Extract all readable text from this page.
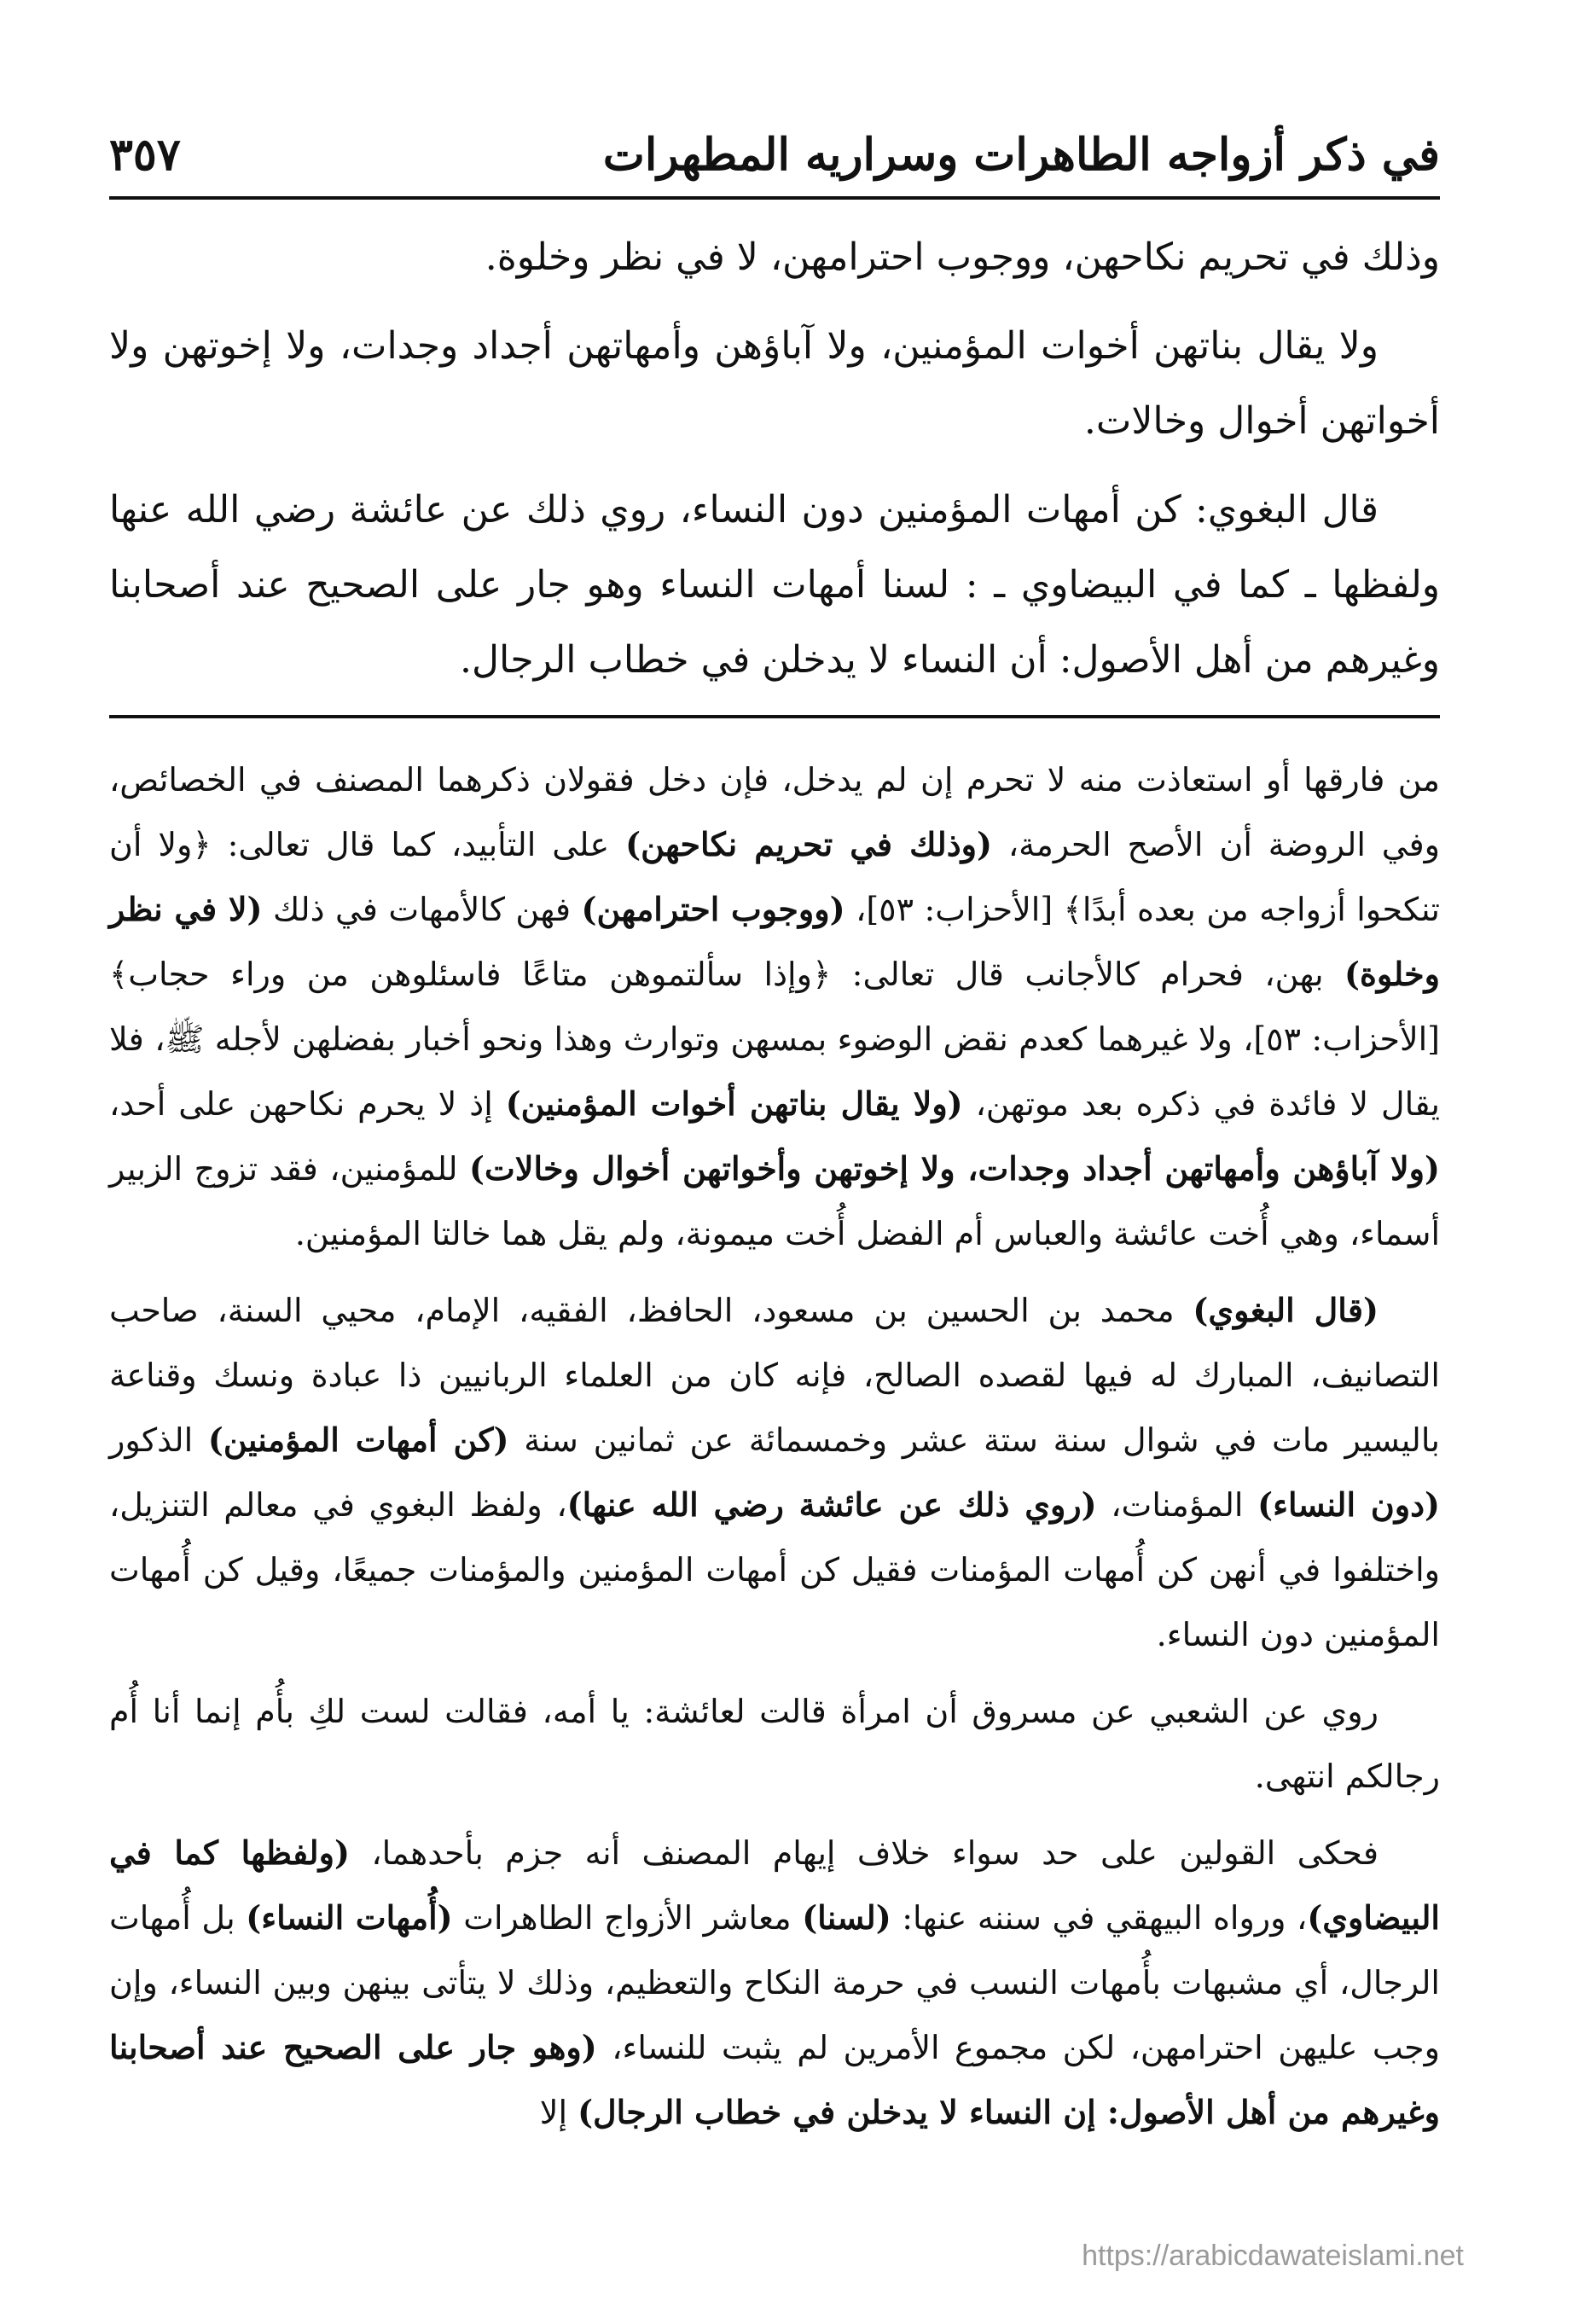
في ذكر أزواجه الطاهرات وسراريه المطهرات
٣٥٧

وذلك في تحريم نكاحهن، ووجوب احترامهن، لا في نظر وخلوة.

ولا يقال بناتهن أخوات المؤمنين، ولا آباؤهن وأمهاتهن أجداد وجدات، ولا إخوتهن ولا أخواتهن أخوال وخالات.

قال البغوي: كن أمهات المؤمنين دون النساء، روي ذلك عن عائشة رضي الله عنها ولفظها ـ كما في البيضاوي ـ : لسنا أمهات النساء وهو جار على الصحيح عند أصحابنا وغيرهم من أهل الأصول: أن النساء لا يدخلن في خطاب الرجال.

من فارقها أو استعاذت منه لا تحرم إن لم يدخل، فإن دخل فقولان ذكرهما المصنف في الخصائص، وفي الروضة أن الأصح الحرمة، (وذلك في تحريم نكاحهن) على التأبيد، كما قال تعالى: ﴿ولا أن تنكحوا أزواجه من بعده أبدًا﴾ [الأحزاب: ٥٣]، (ووجوب احترامهن) فهن كالأمهات في ذلك (لا في نظر وخلوة) بهن، فحرام كالأجانب قال تعالى: ﴿وإذا سألتموهن متاعًا فاسئلوهن من وراء حجاب﴾ [الأحزاب: ٥٣]، ولا غيرهما كعدم نقض الوضوء بمسهن وتوارث وهذا ونحو أخبار بفضلهن لأجله ﷺ، فلا يقال لا فائدة في ذكره بعد موتهن، (ولا يقال بناتهن أخوات المؤمنين) إذ لا يحرم نكاحهن على أحد، (ولا آباؤهن وأمهاتهن أجداد وجدات، ولا إخوتهن وأخواتهن أخوال وخالات) للمؤمنين، فقد تزوج الزبير أسماء، وهي أُخت عائشة والعباس أم الفضل أُخت ميمونة، ولم يقل هما خالتا المؤمنين.

(قال البغوي) محمد بن الحسين بن مسعود، الحافظ، الفقيه، الإمام، محيي السنة، صاحب التصانيف، المبارك له فيها لقصده الصالح، فإنه كان من العلماء الربانيين ذا عبادة ونسك وقناعة باليسير مات في شوال سنة ستة عشر وخمسمائة عن ثمانين سنة (كن أمهات المؤمنين) الذكور (دون النساء) المؤمنات، (روي ذلك عن عائشة رضي الله عنها)، ولفظ البغوي في معالم التنزيل، واختلفوا في أنهن كن أُمهات المؤمنات فقيل كن أمهات المؤمنين والمؤمنات جميعًا، وقيل كن أُمهات المؤمنين دون النساء.

روي عن الشعبي عن مسروق أن امرأة قالت لعائشة: يا أمه، فقالت لست لكِ بأُم إنما أنا أُم رجالكم انتهى.

فحكى القولين على حد سواء خلاف إيهام المصنف أنه جزم بأحدهما، (ولفظها كما في البيضاوي)، ورواه البيهقي في سننه عنها: (لسنا) معاشر الأزواج الطاهرات (أُمهات النساء) بل أُمهات الرجال، أي مشبهات بأُمهات النسب في حرمة النكاح والتعظيم، وذلك لا يتأتى بينهن وبين النساء، وإن وجب عليهن احترامهن، لكن مجموع الأمرين لم يثبت للنساء، (وهو جار على الصحيح عند أصحابنا وغيرهم من أهل الأصول: إن النساء لا يدخلن في خطاب الرجال) إلا

https://arabicdawateislami.net
